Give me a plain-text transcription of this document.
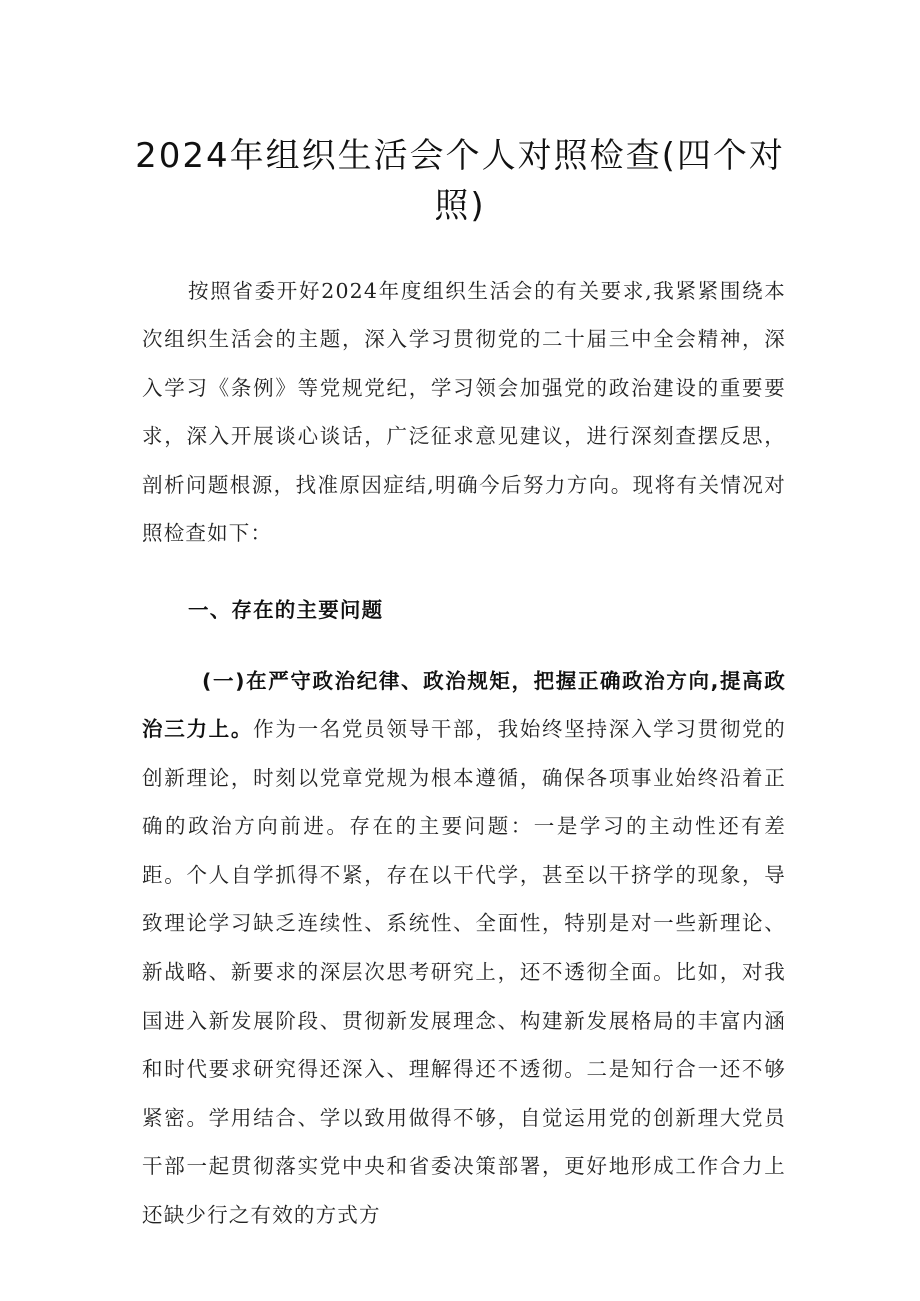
2024年组织生活会个人对照检查(四个对照)

按照省委开好2024年度组织生活会的有关要求,我紧紧围绕本次组织生活会的主题，深入学习贯彻党的二十届三中全会精神，深入学习《条例》等党规党纪，学习领会加强党的政治建设的重要要求，深入开展谈心谈话，广泛征求意见建议，进行深刻查摆反思，剖析问题根源，找准原因症结,明确今后努力方向。现将有关情况对照检查如下：

一、存在的主要问题

(一)在严守政治纪律、政治规矩，把握正确政治方向,提高政治三力上。作为一名党员领导干部，我始终坚持深入学习贯彻党的创新理论，时刻以党章党规为根本遵循，确保各项事业始终沿着正确的政治方向前进。存在的主要问题：一是学习的主动性还有差距。个人自学抓得不紧，存在以干代学，甚至以干挤学的现象，导致理论学习缺乏连续性、系统性、全面性，特别是对一些新理论、新战略、新要求的深层次思考研究上，还不透彻全面。比如，对我国进入新发展阶段、贯彻新发展理念、构建新发展格局的丰富内涵和时代要求研究得还深入、理解得还不透彻。二是知行合一还不够紧密。学用结合、学以致用做得不够，自觉运用党的创新理大党员干部一起贯彻落实党中央和省委决策部署，更好地形成工作合力上还缺少行之有效的方式方
